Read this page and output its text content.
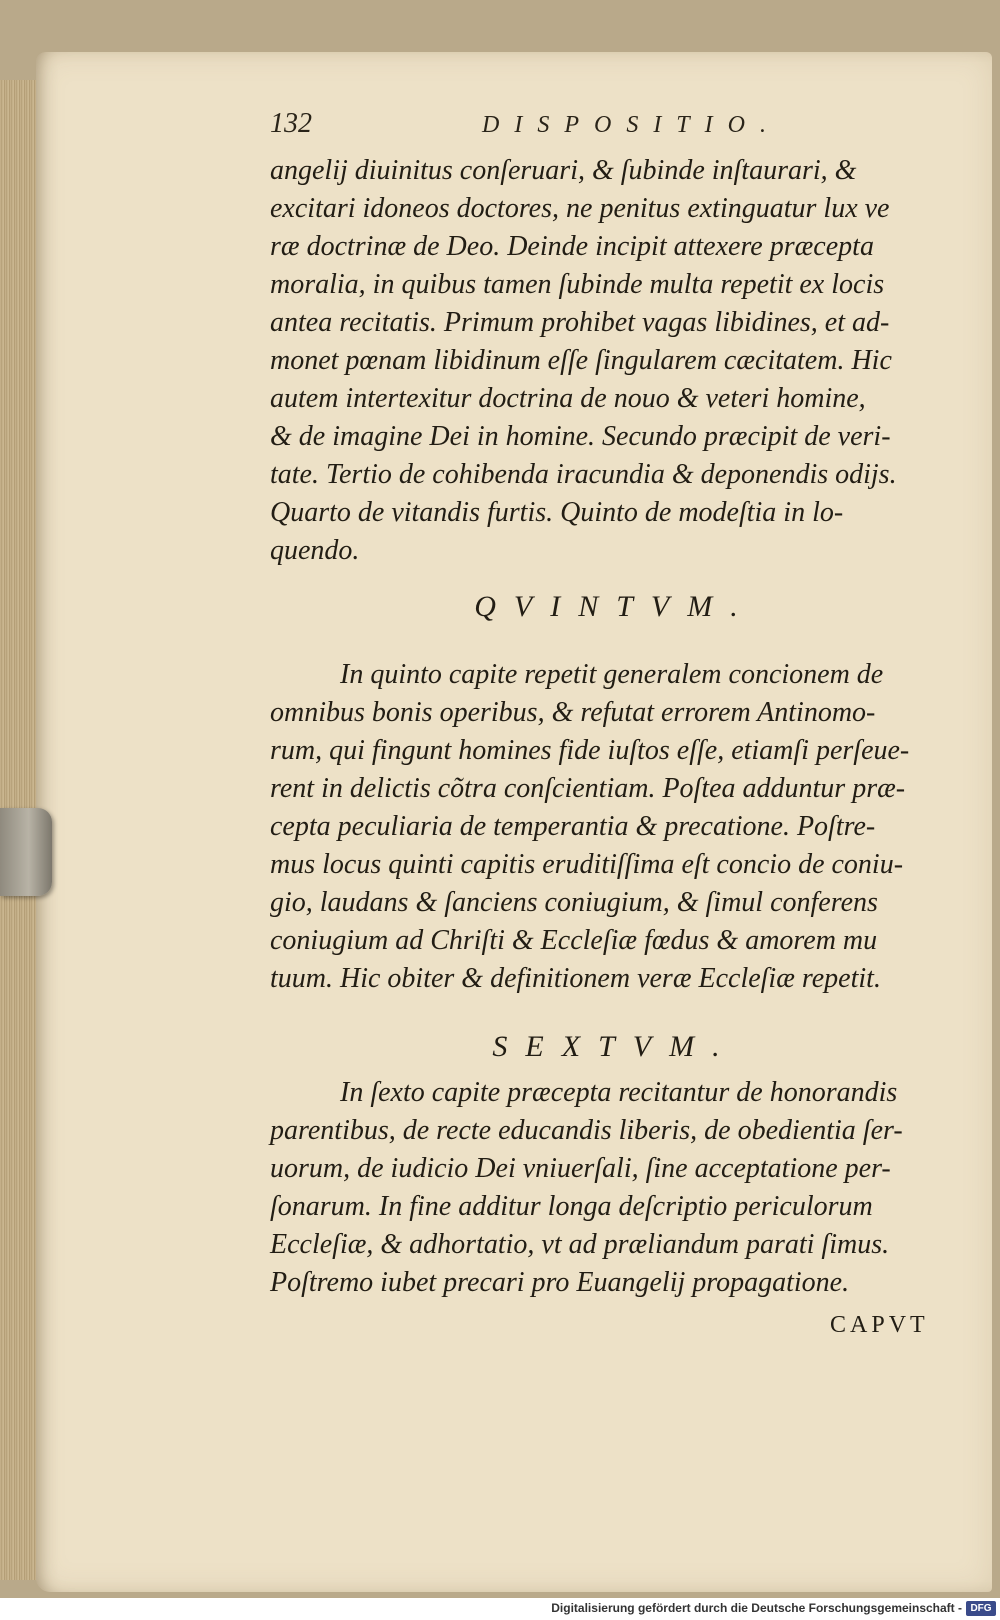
132	DISPOSITIO.
angelij diuinitus conſeruari, & ſubinde inſtaurari, &
excitari idoneos doctores, ne penitus extinguatur lux ve
ræ doctrinæ de Deo. Deinde incipit attexere præcepta
moralia, in quibus tamen ſubinde multa repetit ex locis
antea recitatis. Primum prohibet vagas libidines, et ad-
monet pœnam libidinum eſſe ſingularem cæcitatem. Hic
autem intertexitur doctrina de nouo & veteri homine,
& de imagine Dei in homine. Secundo præcipit de veri-
tate. Tertio de cohibenda iracundia & deponendis odijs.
Quarto de vitandis furtis. Quinto de modeſtia in lo-
quendo.
QVINTVM.
In quinto capite repetit generalem concionem de
omnibus bonis operibus, & refutat errorem Antinomo-
rum, qui fingunt homines fide iuſtos eſſe, etiamſi perſeue-
rent in delictis cõtra conſcientiam. Poſtea adduntur præ-
cepta peculiaria de temperantia & precatione. Poſtre-
mus locus quinti capitis eruditiſſima eſt concio de coniu-
gio, laudans & ſanciens coniugium, & ſimul conferens
coniugium ad Chriſti & Eccleſiæ fœdus & amorem mu
tuum. Hic obiter & definitionem veræ Eccleſiæ repetit.
SEXTVM.
In ſexto capite præcepta recitantur de honorandis
parentibus, de recte educandis liberis, de obedientia ſer-
uorum, de iudicio Dei vniuerſali, ſine acceptatione per-
ſonarum. In fine additur longa deſcriptio periculorum
Eccleſiæ, & adhortatio, vt ad præliandum parati ſimus.
Poſtremo iubet precari pro Euangelij propagatione.
CAPVT
Digitalisierung gefördert durch die Deutsche Forschungsgemeinschaft - DFG
